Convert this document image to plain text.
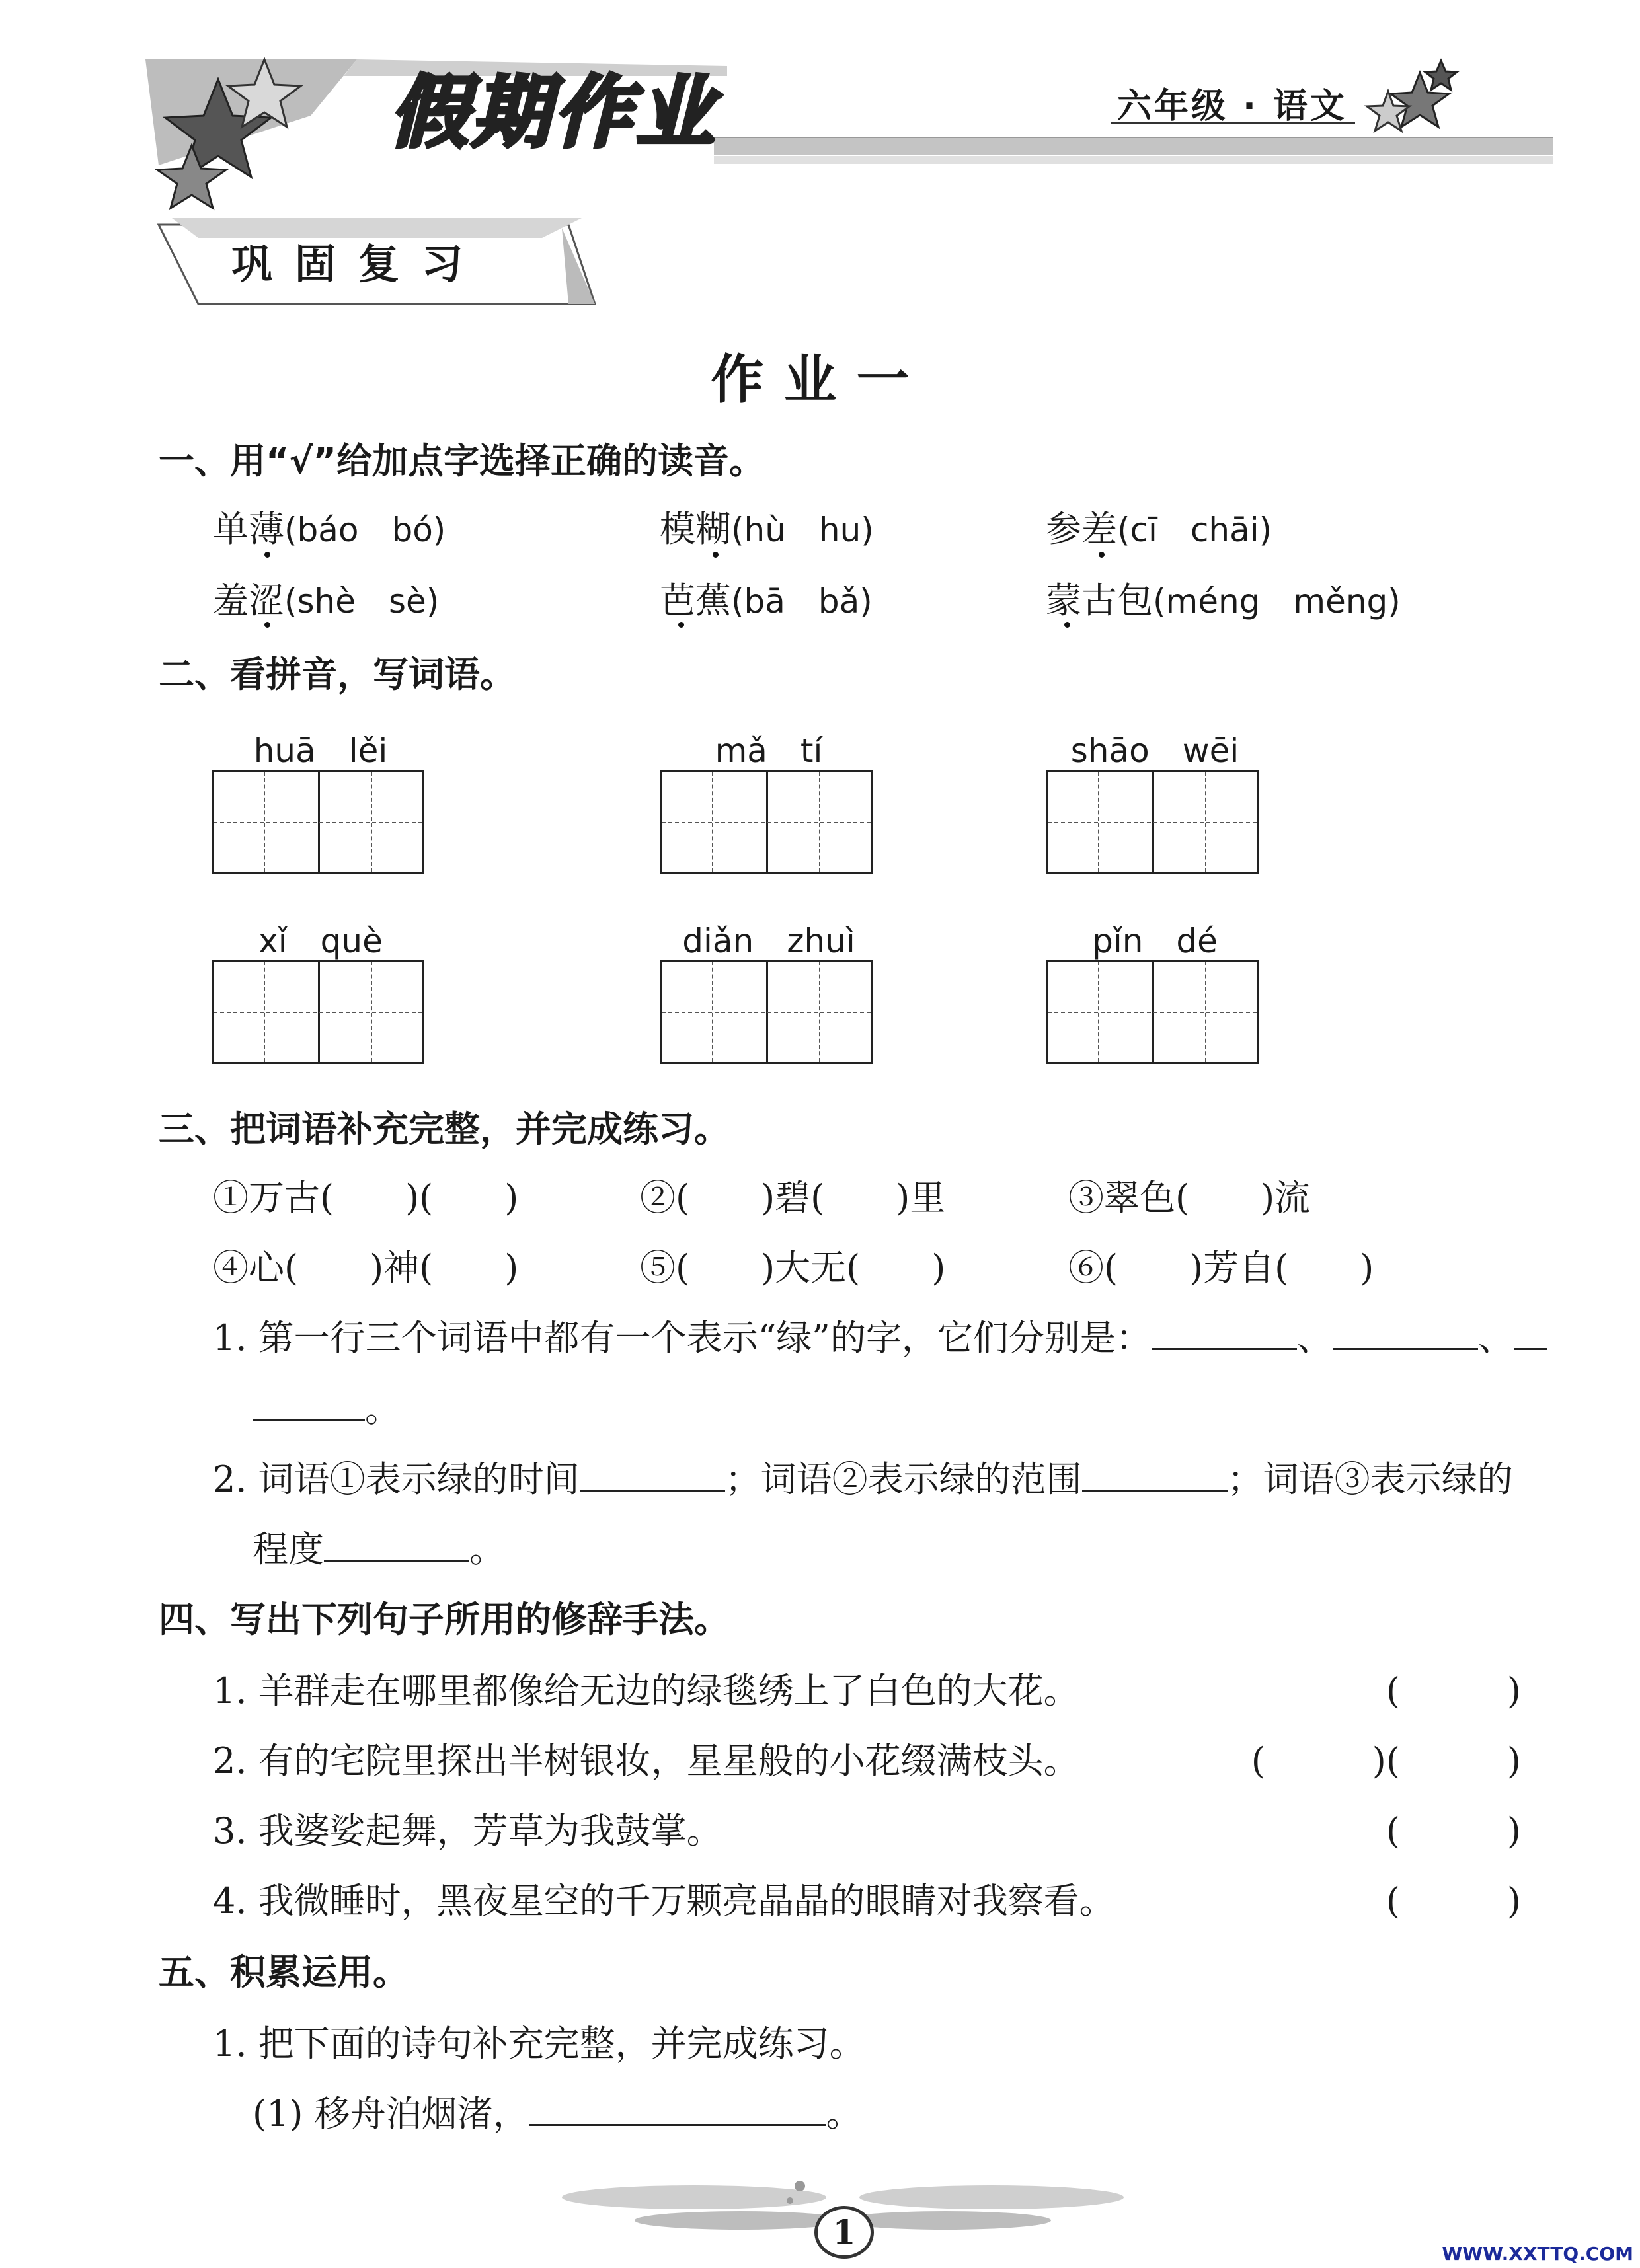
假期作业	六年级 · 语文
巩固复习
作业一
一、用“√”给加点字选择正确的读音。
单薄(báo　bó)	模糊(hù　hu)	参差(cī　chāi)
羞涩(shè　sè)	芭蕉(bā　bǎ)	蒙古包(méng　měng)
二、看拼音，写词语。
huā　lěi	mǎ　tí	shāo　wēi
xǐ　què	diǎn　zhuì	pǐn　dé
三、把词语补充完整，并完成练习。
①万古(　　)(　　)	②(　　)碧(　　)里	③翠色(　　)流
④心(　　)神(　　)	⑤(　　)大无(　　)	⑥(　　)芳自(　　)
1. 第一行三个词语中都有一个表示“绿”的字，它们分别是：	、	、
。
2. 词语①表示绿的时间	；词语②表示绿的范围	；词语③表示绿的
程度	。
四、写出下列句子所用的修辞手法。
1. 羊群走在哪里都像给无边的绿毯绣上了白色的大花。	(　　　)
2. 有的宅院里探出半树银妆，星星般的小花缀满枝头。	(　　　)(　　　)
3. 我婆娑起舞，芳草为我鼓掌。	(　　　)
4. 我微睡时，黑夜星空的千万颗亮晶晶的眼睛对我察看。	(　　　)
五、积累运用。
1. 把下面的诗句补充完整，并完成练习。
(1) 移舟泊烟渚，	。
1
WWW.XXTTQ.COM
